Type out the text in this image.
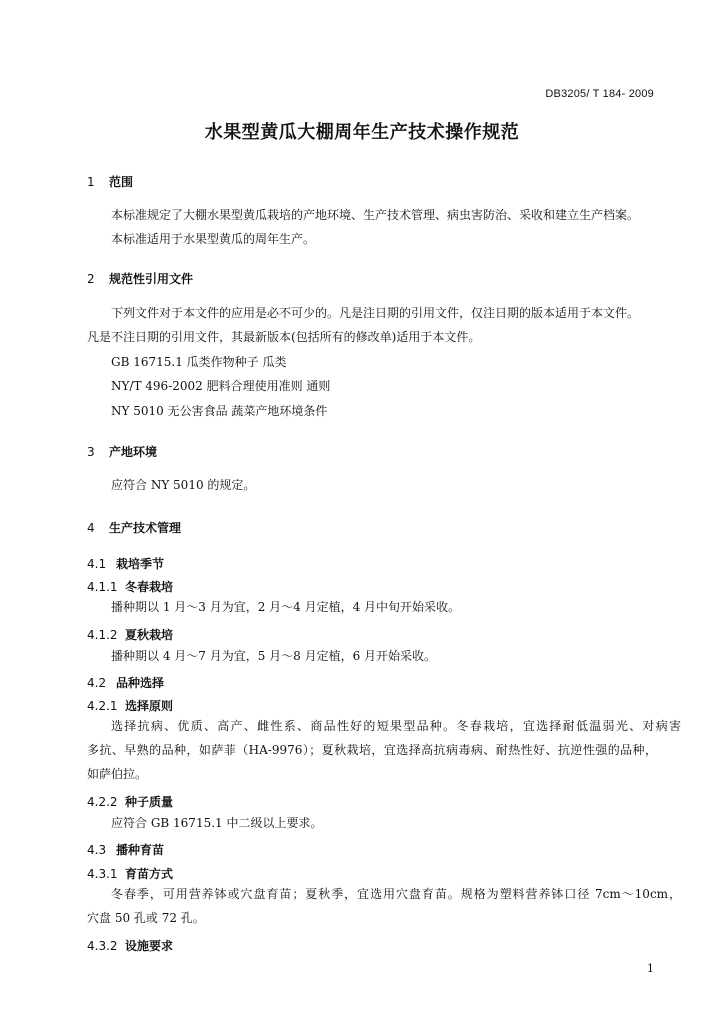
DB3205/ T 184- 2009
水果型黄瓜大棚周年生产技术操作规范
1 范围
本标准规定了大棚水果型黄瓜栽培的产地环境、生产技术管理、病虫害防治、采收和建立生产档案。
本标准适用于水果型黄瓜的周年生产。
2 规范性引用文件
下列文件对于本文件的应用是必不可少的。凡是注日期的引用文件，仅注日期的版本适用于本文件。
凡是不注日期的引用文件，其最新版本(包括所有的修改单)适用于本文件。
GB 16715.1 瓜类作物种子 瓜类
NY/T 496-2002 肥料合理使用准则 通则
NY 5010 无公害食品 蔬菜产地环境条件
3 产地环境
应符合 NY 5010 的规定。
4 生产技术管理
4.1 栽培季节
4.1.1 冬春栽培
播种期以 1 月～3 月为宜，2 月～4 月定植，4 月中旬开始采收。
4.1.2 夏秋栽培
播种期以 4 月～7 月为宜，5 月～8 月定植，6 月开始采收。
4.2 品种选择
4.2.1 选择原则
选择抗病、优质、高产、雌性系、商品性好的短果型品种。冬春栽培，宜选择耐低温弱光、对病害
多抗、早熟的品种，如萨菲（HA-9976）；夏秋栽培，宜选择高抗病毒病、耐热性好、抗逆性强的品种，
如萨伯拉。
4.2.2 种子质量
应符合 GB 16715.1 中二级以上要求。
4.3 播种育苗
4.3.1 育苗方式
冬春季，可用营养钵或穴盘育苗；夏秋季，宜选用穴盘育苗。规格为塑料营养钵口径 7cm～10cm，
穴盘 50 孔或 72 孔。
4.3.2 设施要求
1
